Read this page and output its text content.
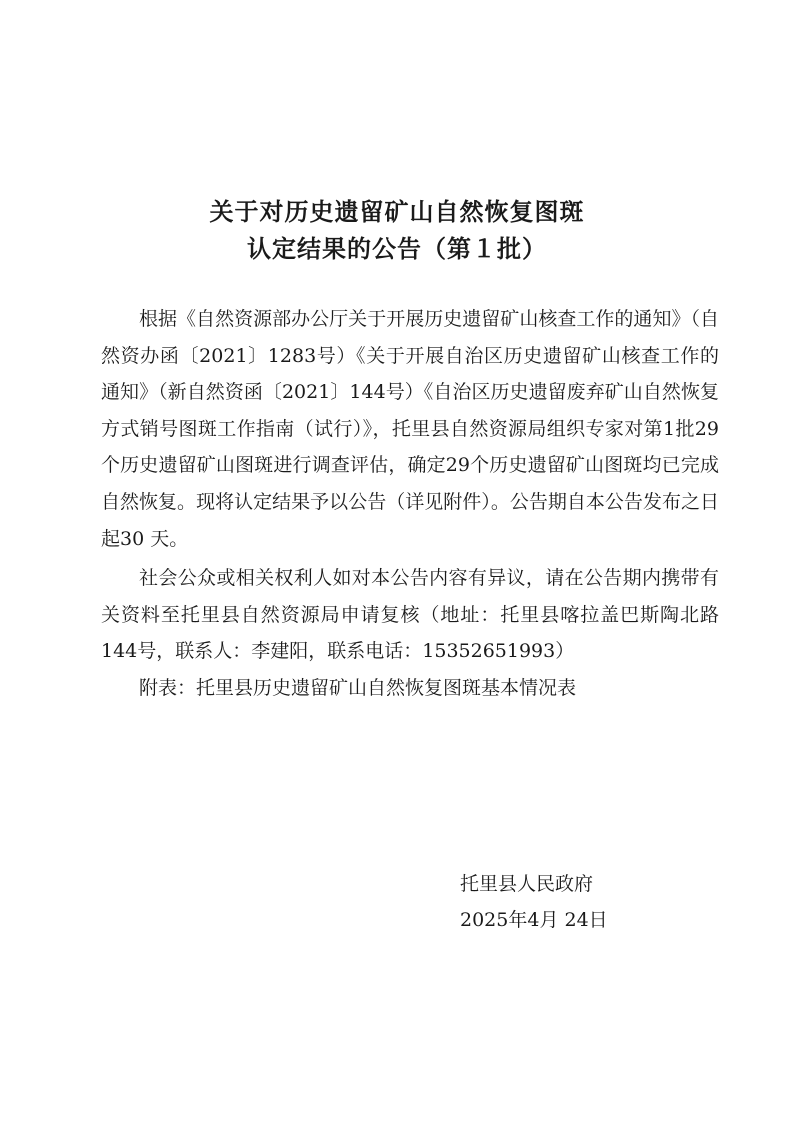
关于对历史遗留矿山自然恢复图斑
认定结果的公告（第１批）

根据《自然资源部办公厅关于开展历史遗留矿山核查工作的通知》（自然资办函〔2021〕1283号）《关于开展自治区历史遗留矿山核查工作的通知》（新自然资函〔2021〕144号）《自治区历史遗留废弃矿山自然恢复方式销号图斑工作指南（试行）》，托里县自然资源局组织专家对第1批29个历史遗留矿山图斑进行调查评估，确定29个历史遗留矿山图斑均已完成自然恢复。现将认定结果予以公告（详见附件）。公告期自本公告发布之日起30 天。

社会公众或相关权利人如对本公告内容有异议，请在公告期内携带有关资料至托里县自然资源局申请复核（地址：托里县喀拉盖巴斯陶北路144号，联系人：李建阳，联系电话：15352651993）

附表：托里县历史遗留矿山自然恢复图斑基本情况表

托里县人民政府
2025年4月 24日
